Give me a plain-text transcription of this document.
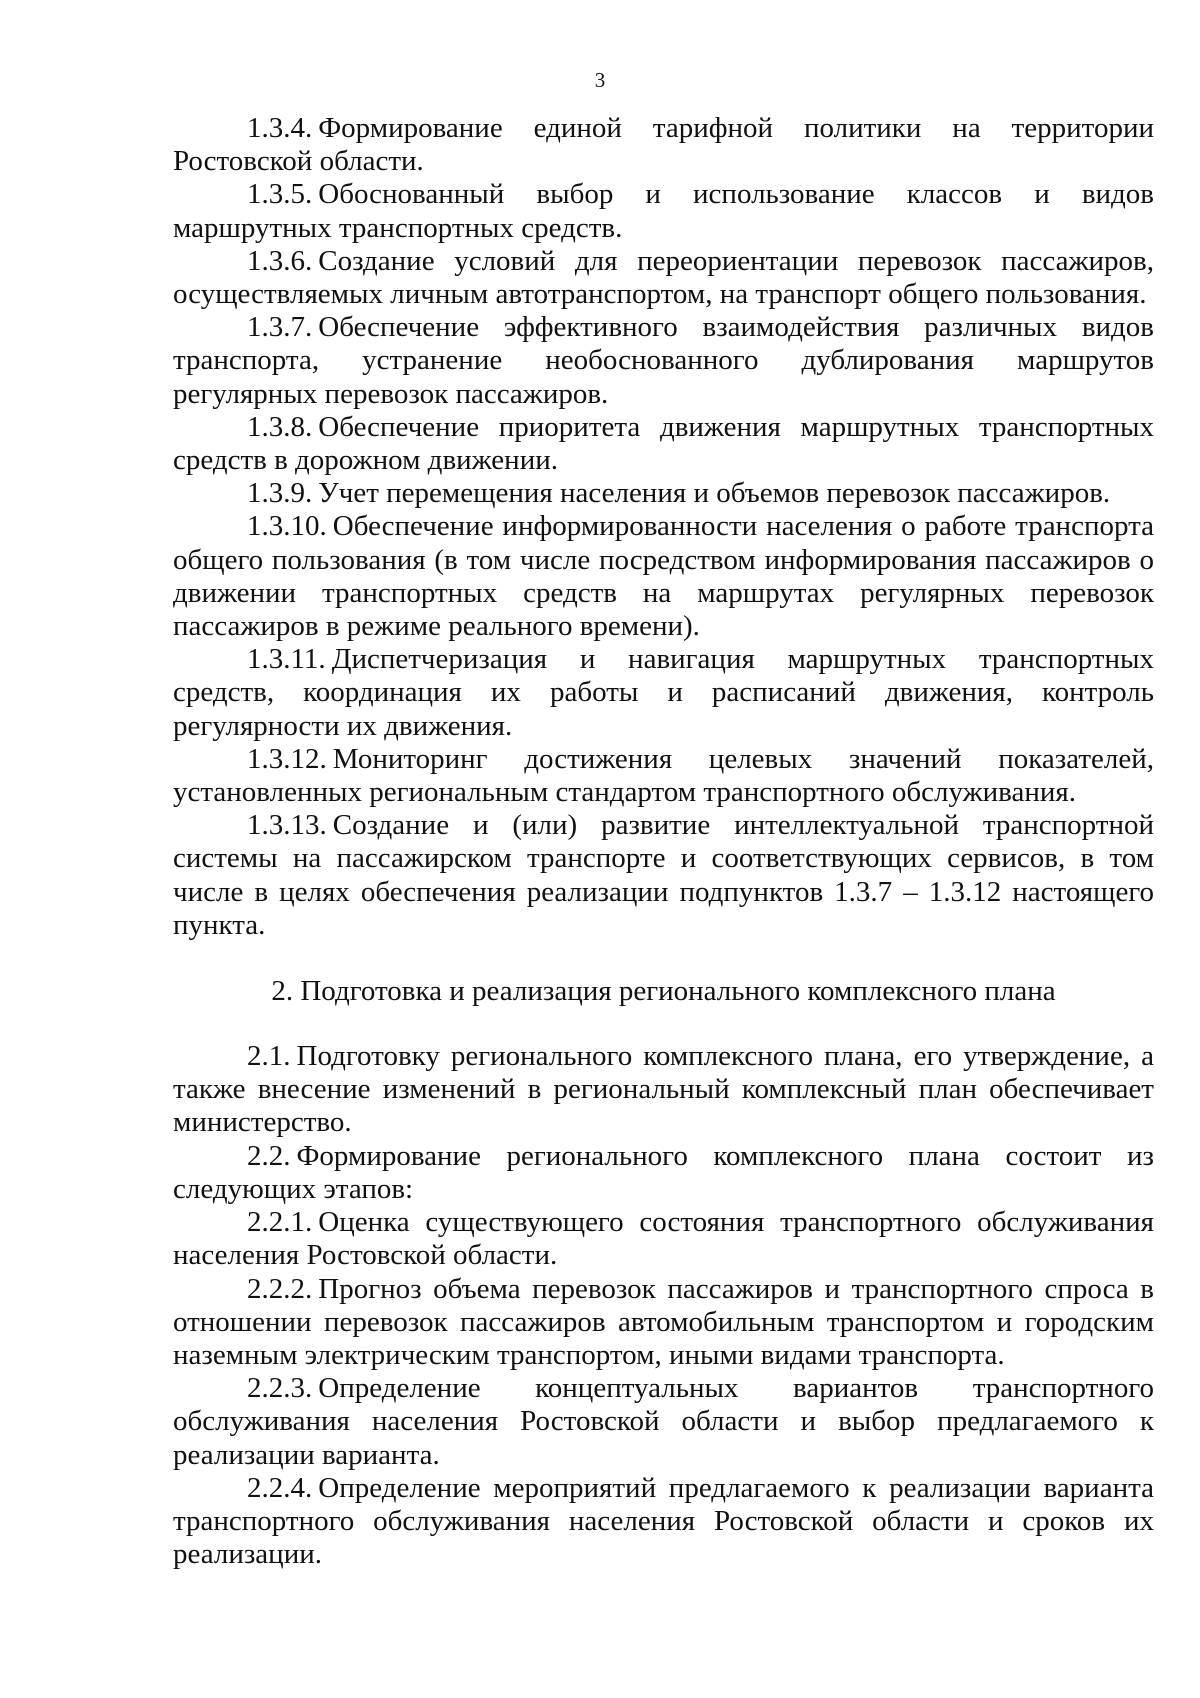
3

1.3.4. Формирование единой тарифной политики на территории Ростовской области.

1.3.5. Обоснованный выбор и использование классов и видов маршрутных транспортных средств.

1.3.6. Создание условий для переориентации перевозок пассажиров, осуществляемых личным автотранспортом, на транспорт общего пользования.

1.3.7. Обеспечение эффективного взаимодействия различных видов транспорта, устранение необоснованного дублирования маршрутов регулярных перевозок пассажиров.

1.3.8. Обеспечение приоритета движения маршрутных транспортных средств в дорожном движении.

1.3.9. Учет перемещения населения и объемов перевозок пассажиров.

1.3.10. Обеспечение информированности населения о работе транспорта общего пользования (в том числе посредством информирования пассажиров о движении транспортных средств на маршрутах регулярных перевозок пассажиров в режиме реального времени).

1.3.11. Диспетчеризация и навигация маршрутных транспортных средств, координация их работы и расписаний движения, контроль регулярности их движения.

1.3.12. Мониторинг достижения целевых значений показателей, установленных региональным стандартом транспортного обслуживания.

1.3.13. Создание и (или) развитие интеллектуальной транспортной системы на пассажирском транспорте и соответствующих сервисов, в том числе в целях обеспечения реализации подпунктов 1.3.7 – 1.3.12 настоящего пункта.

2. Подготовка и реализация регионального комплексного плана

2.1. Подготовку регионального комплексного плана, его утверждение, а также внесение изменений в региональный комплексный план обеспечивает министерство.

2.2. Формирование регионального комплексного плана состоит из следующих этапов:

2.2.1. Оценка существующего состояния транспортного обслуживания населения Ростовской области.

2.2.2. Прогноз объема перевозок пассажиров и транспортного спроса в отношении перевозок пассажиров автомобильным транспортом и городским наземным электрическим транспортом, иными видами транспорта.

2.2.3. Определение концептуальных вариантов транспортного обслуживания населения Ростовской области и выбор предлагаемого к реализации варианта.

2.2.4. Определение мероприятий предлагаемого к реализации варианта транспортного обслуживания населения Ростовской области и сроков их реализации.
